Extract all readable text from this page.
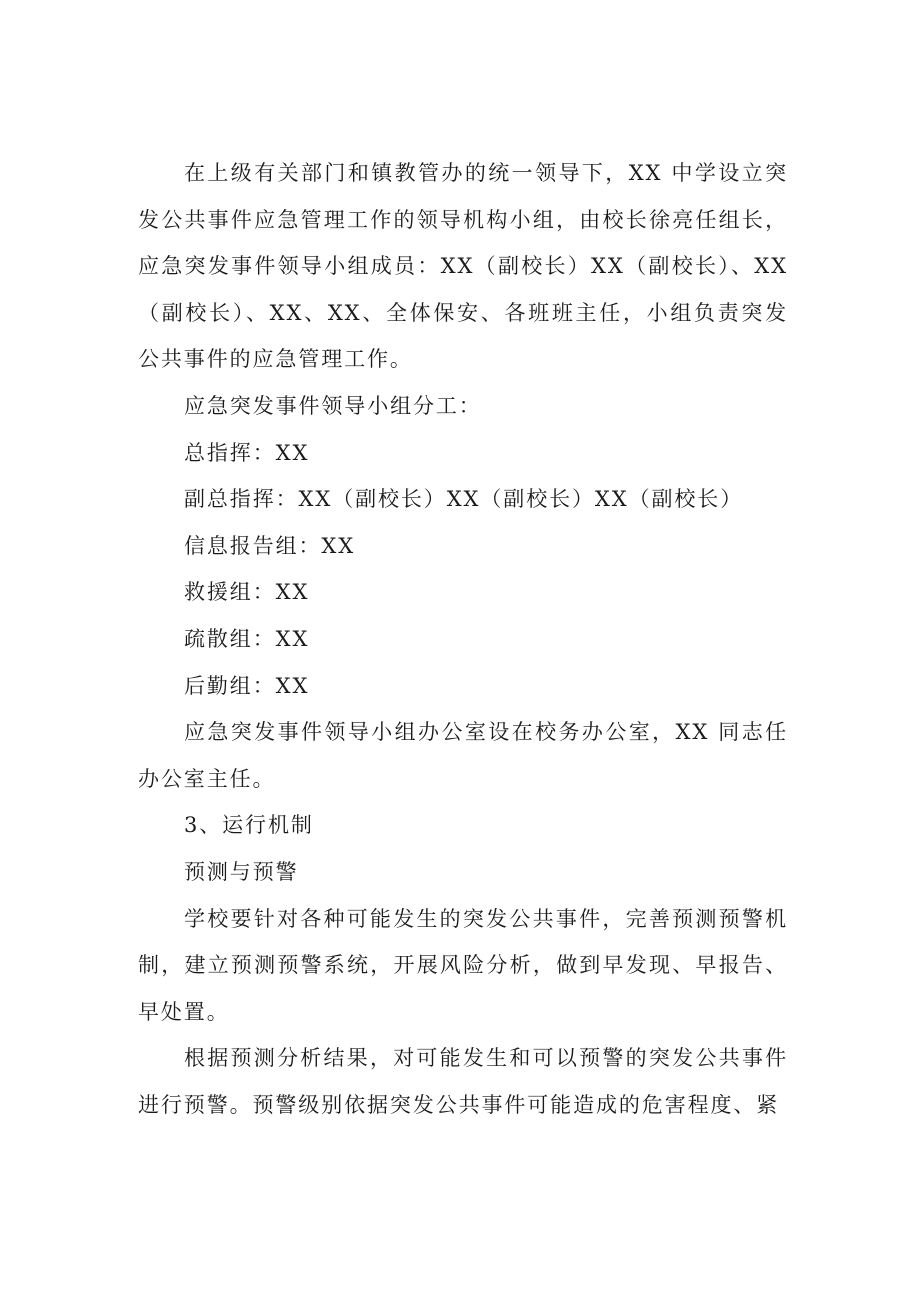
在上级有关部门和镇教管办的统一领导下，XX 中学设立突发公共事件应急管理工作的领导机构小组，由校长徐亮任组长，应急突发事件领导小组成员：XX（副校长）XX（副校长）、XX（副校长）、XX、XX、全体保安、各班班主任，小组负责突发公共事件的应急管理工作。

应急突发事件领导小组分工：

总指挥：XX

副总指挥：XX（副校长）XX（副校长）XX（副校长）

信息报告组：XX

救援组：XX

疏散组：XX

后勤组：XX

应急突发事件领导小组办公室设在校务办公室，XX 同志任办公室主任。

3、运行机制

预测与预警

学校要针对各种可能发生的突发公共事件，完善预测预警机制，建立预测预警系统，开展风险分析，做到早发现、早报告、早处置。

根据预测分析结果，对可能发生和可以预警的突发公共事件进行预警。预警级别依据突发公共事件可能造成的危害程度、紧
